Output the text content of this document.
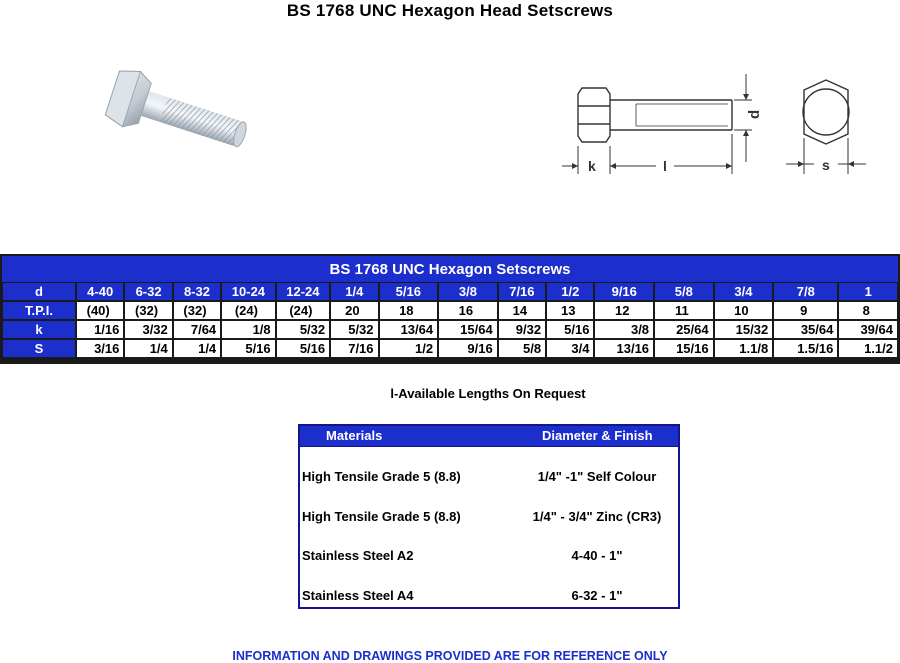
BS 1768 UNC Hexagon Head Setscrews
d
k	l	s
BS 1768 UNC Hexagon Setscrews															
d	4-40	6-32	8-32	10-24	12-24	1/4	5/16	3/8	7/16	1/2	9/16	5/8	3/4	7/8	1
T.P.I.	(40)	(32)	(32)	(24)	(24)	20	18	16	14	13	12	11	10	9	8
k	1/16	3/32	7/64	1/8	5/32	5/32	13/64	15/64	9/32	5/16	3/8	25/64	15/32	35/64	39/64
S	3/16	1/4	1/4	5/16	5/16	7/16	1/2	9/16	5/8	3/4	13/16	15/16	1.1/8	1.5/16	1.1/2
l-Available Lengths On Request
Materials	Diameter & Finish
High Tensile Grade 5 (8.8)	1/4" -1" Self Colour
High Tensile Grade 5 (8.8)	1/4" - 3/4" Zinc (CR3)
Stainless Steel A2	4-40 - 1"
Stainless Steel A4	6-32 - 1"
INFORMATION AND DRAWINGS PROVIDED ARE FOR REFERENCE ONLY
